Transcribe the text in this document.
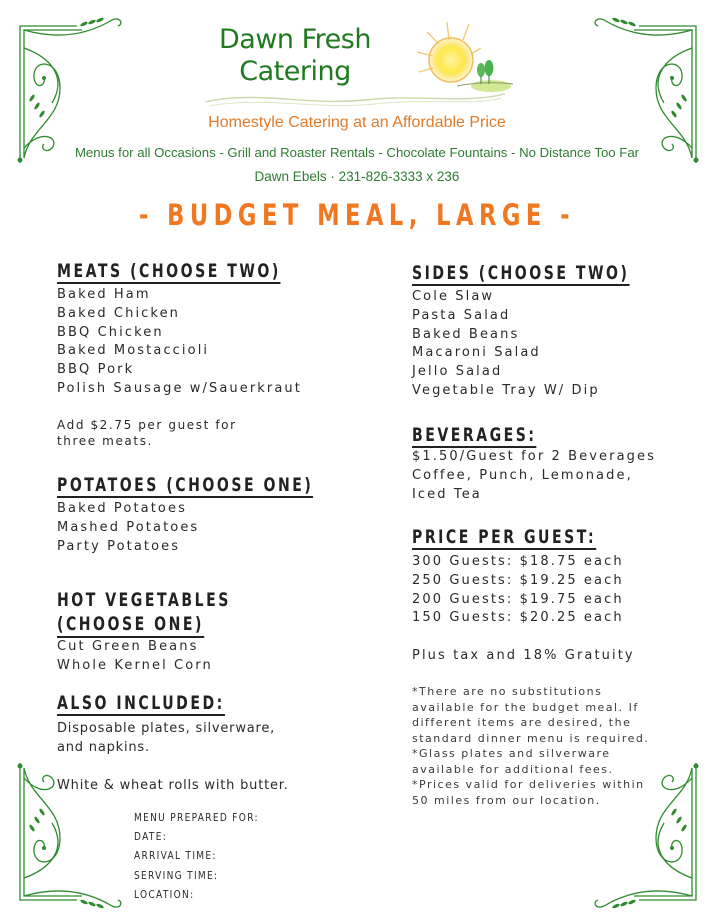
Dawn Fresh
Catering
Homestyle Catering at an Affordable Price
Menus for all Occasions - Grill and Roaster Rentals - Chocolate Fountains - No Distance Too Far
Dawn Ebels · 231-826-3333 x 236
- BUDGET MEAL, LARGE -
MEATS (CHOOSE TWO)
Baked Ham
Baked Chicken
BBQ Chicken
Baked Mostaccioli
BBQ Pork
Polish Sausage w/Sauerkraut
Add $2.75 per guest for
three meats.
POTATOES (CHOOSE ONE)
Baked Potatoes
Mashed Potatoes
Party Potatoes
HOT VEGETABLES
(CHOOSE ONE)
Cut Green Beans
Whole Kernel Corn
ALSO INCLUDED:
Disposable plates, silverware,
and napkins.
White & wheat rolls with butter.
SIDES (CHOOSE TWO)
Cole Slaw
Pasta Salad
Baked Beans
Macaroni Salad
Jello Salad
Vegetable Tray W/ Dip
BEVERAGES:
$1.50/Guest for 2 Beverages
Coffee, Punch, Lemonade,
Iced Tea
PRICE PER GUEST:
300 Guests: $18.75 each
250 Guests: $19.25 each
200 Guests: $19.75 each
150 Guests: $20.25 each
Plus tax and 18% Gratuity
*There are no substitutions
available for the budget meal. If
different items are desired, the
standard dinner menu is required.
*Glass plates and silverware
available for additional fees.
*Prices valid for deliveries within
50 miles from our location.
MENU PREPARED FOR:
DATE:
ARRIVAL TIME:
SERVING TIME:
LOCATION:
